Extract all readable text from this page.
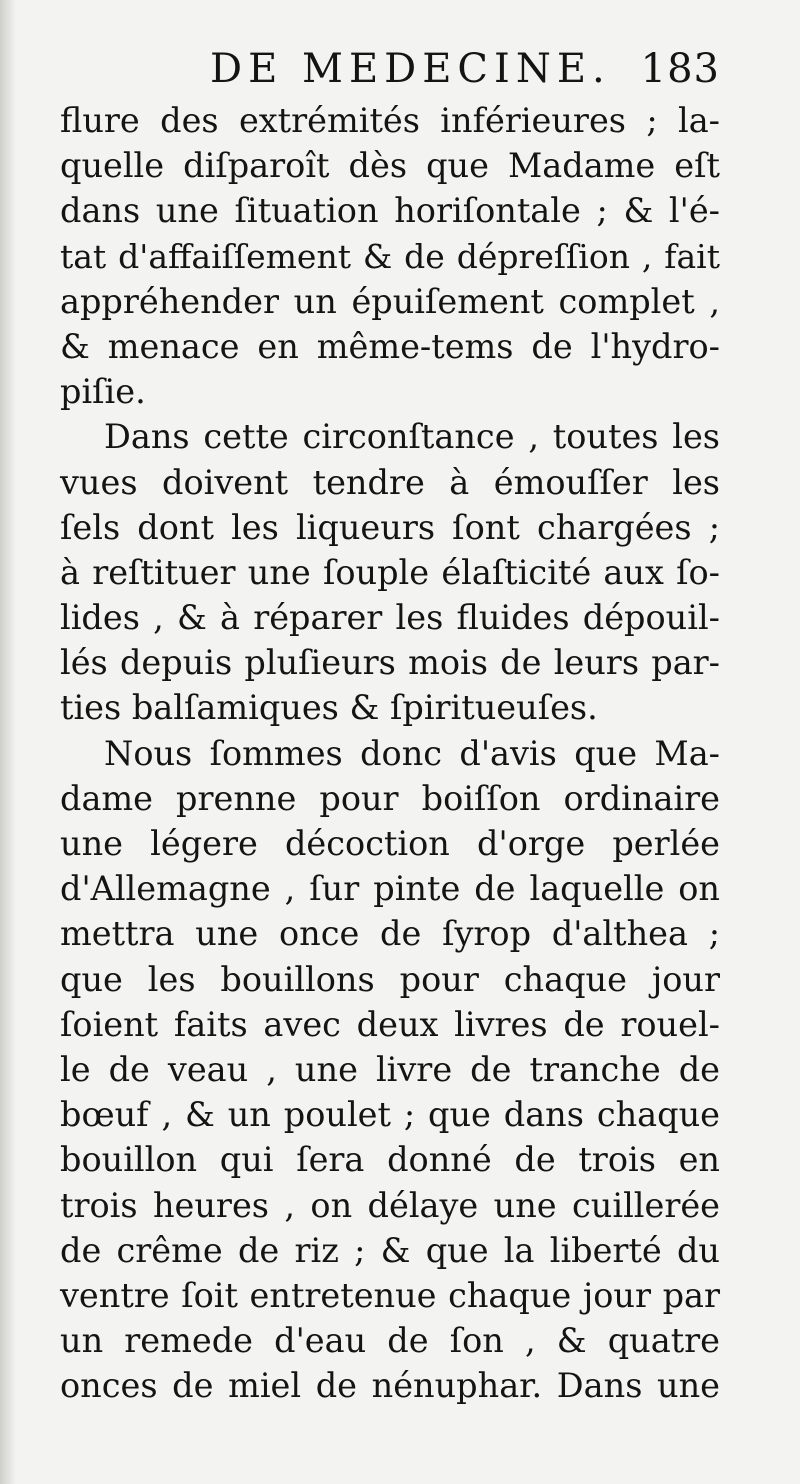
DE MEDECINE. 183
ﬂure des extrémités inférieures ; la-
quelle diſparoît dès que Madame eſt
dans une ſituation horiſontale ; & l'é-
tat d'affaiſſement & de dépreſſion , fait
appréhender un épuiſement complet ,
& menace en même-tems de l'hydro-
piſie.
Dans cette circonſtance , toutes les
vues doivent tendre à émouſſer les
ſels dont les liqueurs ſont chargées ;
à reſtituer une ſouple élaſticité aux ſo-
lides , & à réparer les fluides dépouil-
lés depuis pluſieurs mois de leurs par-
ties balſamiques & ſpiritueuſes.
Nous ſommes donc d'avis que Ma-
dame prenne pour boiſſon ordinaire
une légere décoction d'orge perlée
d'Allemagne , ſur pinte de laquelle on
mettra une once de ſyrop d'althea ;
que les bouillons pour chaque jour
ſoient faits avec deux livres de rouel-
le de veau , une livre de tranche de
bœuf , & un poulet ; que dans chaque
bouillon qui ſera donné de trois en
trois heures , on délaye une cuillerée
de crême de riz ; & que la liberté du
ventre ſoit entretenue chaque jour par
un remede d'eau de ſon , & quatre
onces de miel de nénuphar. Dans une
